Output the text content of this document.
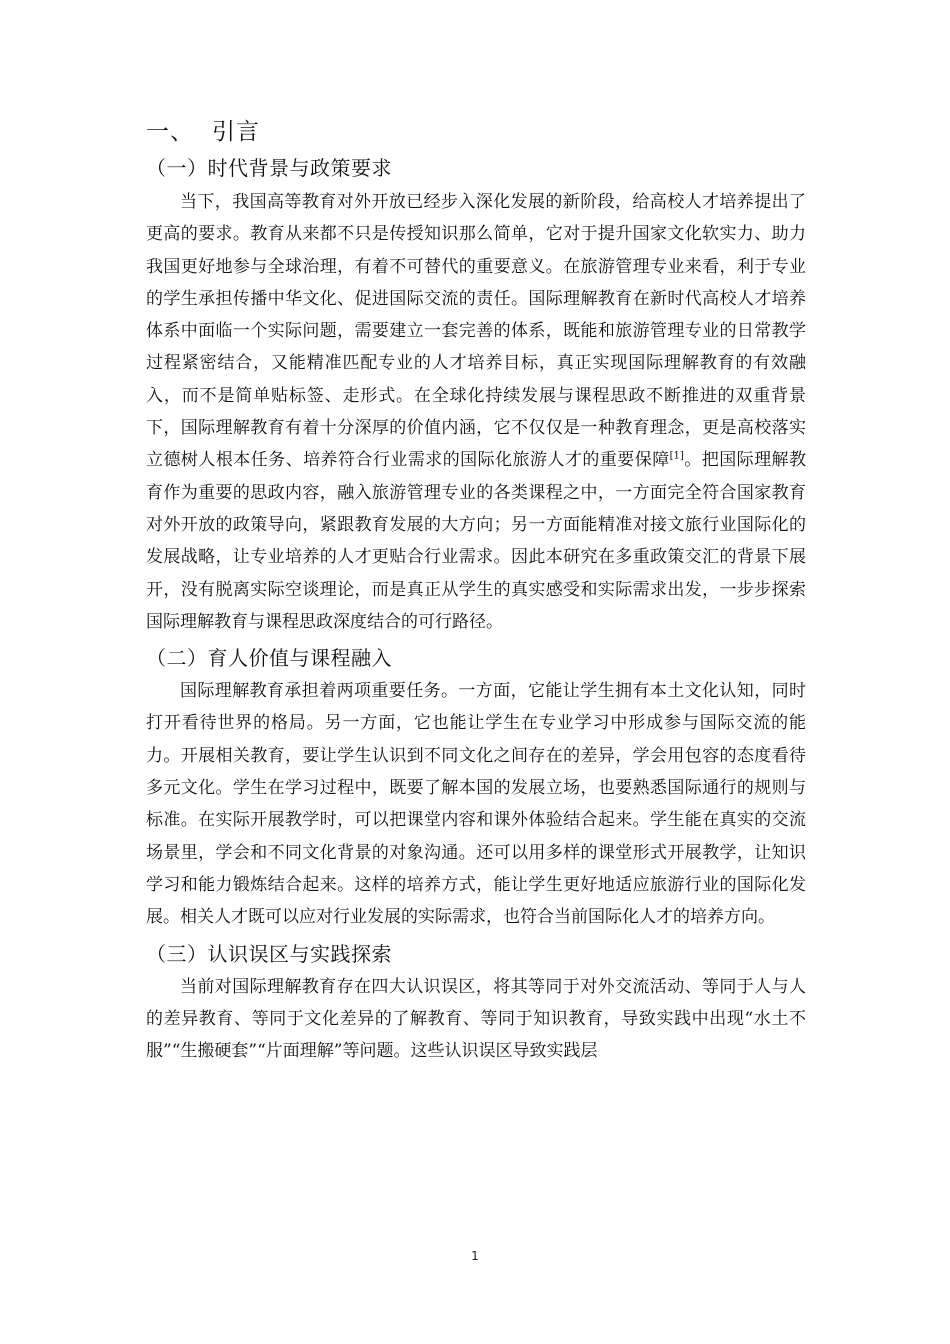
一、 引言
（一）时代背景与政策要求

当下，我国高等教育对外开放已经步入深化发展的新阶段，给高校人才培养提出了更高的要求。教育从来都不只是传授知识那么简单，它对于提升国家文化软实力、助力我国更好地参与全球治理，有着不可替代的重要意义。在旅游管理专业来看，利于专业的学生承担传播中华文化、促进国际交流的责任。国际理解教育在新时代高校人才培养体系中面临一个实际问题，需要建立一套完善的体系，既能和旅游管理专业的日常教学过程紧密结合，又能精准匹配专业的人才培养目标，真正实现国际理解教育的有效融入，而不是简单贴标签、走形式。在全球化持续发展与课程思政不断推进的双重背景下，国际理解教育有着十分深厚的价值内涵，它不仅仅是一种教育理念，更是高校落实立德树人根本任务、培养符合行业需求的国际化旅游人才的重要保障[1]。把国际理解教育作为重要的思政内容，融入旅游管理专业的各类课程之中，一方面完全符合国家教育对外开放的政策导向，紧跟教育发展的大方向；另一方面能精准对接文旅行业国际化的发展战略，让专业培养的人才更贴合行业需求。因此本研究在多重政策交汇的背景下展开，没有脱离实际空谈理论，而是真正从学生的真实感受和实际需求出发，一步步探索国际理解教育与课程思政深度结合的可行路径。

（二）育人价值与课程融入

国际理解教育承担着两项重要任务。一方面，它能让学生拥有本土文化认知，同时打开看待世界的格局。另一方面，它也能让学生在专业学习中形成参与国际交流的能力。开展相关教育，要让学生认识到不同文化之间存在的差异，学会用包容的态度看待多元文化。学生在学习过程中，既要了解本国的发展立场，也要熟悉国际通行的规则与标准。在实际开展教学时，可以把课堂内容和课外体验结合起来。学生能在真实的交流场景里，学会和不同文化背景的对象沟通。还可以用多样的课堂形式开展教学，让知识学习和能力锻炼结合起来。这样的培养方式，能让学生更好地适应旅游行业的国际化发展。相关人才既可以应对行业发展的实际需求，也符合当前国际化人才的培养方向。

（三）认识误区与实践探索

当前对国际理解教育存在四大认识误区，将其等同于对外交流活动、等同于人与人的差异教育、等同于文化差异的了解教育、等同于知识教育，导致实践中出现“水土不服”“生搬硬套”“片面理解”等问题。这些认识误区导致实践层

1
